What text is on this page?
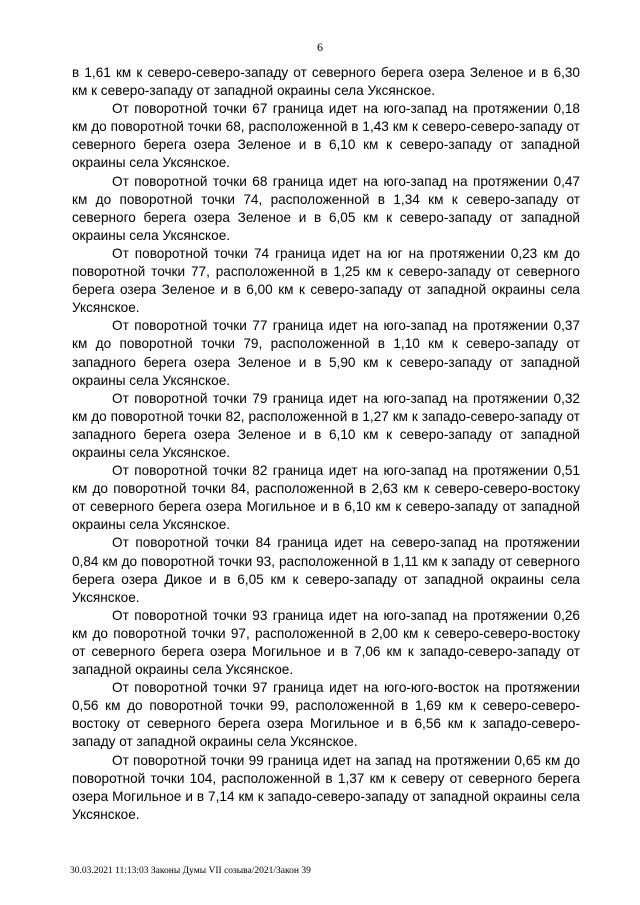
6

в 1,61 км к северо-северо-западу от северного берега озера Зеленое и в 6,30 км к северо-западу от западной окраины села Уксянское.

От поворотной точки 67 граница идет на юго-запад на протяжении 0,18 км до поворотной точки 68, расположенной в 1,43 км к северо-северо-западу от северного берега озера Зеленое и в 6,10 км к северо-западу от западной окраины села Уксянское.

От поворотной точки 68 граница идет на юго-запад на протяжении 0,47 км до поворотной точки 74, расположенной в 1,34 км к северо-западу от северного берега озера Зеленое и в 6,05 км к северо-западу от западной окраины села Уксянское.

От поворотной точки 74 граница идет на юг на протяжении 0,23 км до поворотной точки 77, расположенной в 1,25 км к северо-западу от северного берега озера Зеленое и в 6,00 км к северо-западу от западной окраины села Уксянское.

От поворотной точки 77 граница идет на юго-запад на протяжении 0,37 км до поворотной точки 79, расположенной в 1,10 км к северо-западу от западного берега озера Зеленое и в 5,90 км к северо-западу от западной окраины села Уксянское.

От поворотной точки 79 граница идет на юго-запад на протяжении 0,32 км до поворотной точки 82, расположенной в 1,27 км к западо-северо-западу от западного берега озера Зеленое и в 6,10 км к северо-западу от западной окраины села Уксянское.

От поворотной точки 82 граница идет на юго-запад на протяжении 0,51 км до поворотной точки 84, расположенной в 2,63 км к северо-северо-востоку от северного берега озера Могильное и в 6,10 км к северо-западу от западной окраины села Уксянское.

От поворотной точки 84 граница идет на северо-запад на протяжении 0,84 км до поворотной точки 93, расположенной в 1,11 км к западу от северного берега озера Дикое и в 6,05 км к северо-западу от западной окраины села Уксянское.

От поворотной точки 93 граница идет на юго-запад на протяжении 0,26 км до поворотной точки 97, расположенной в 2,00 км к северо-северо-востоку от северного берега озера Могильное и в 7,06 км к западо-северо-западу от западной окраины села Уксянское.

От поворотной точки 97 граница идет на юго-юго-восток на протяжении 0,56 км до поворотной точки 99, расположенной в 1,69 км к северо-северо-востоку от северного берега озера Могильное и в 6,56 км к западо-северо-западу от западной окраины села Уксянское.

От поворотной точки 99 граница идет на запад на протяжении 0,65 км до поворотной точки 104, расположенной в 1,37 км к северу от северного берега озера Могильное и в 7,14 км к западо-северо-западу от западной окраины села Уксянское.

30.03.2021 11:13:03 Законы Думы VII созыва/2021/Закон 39
